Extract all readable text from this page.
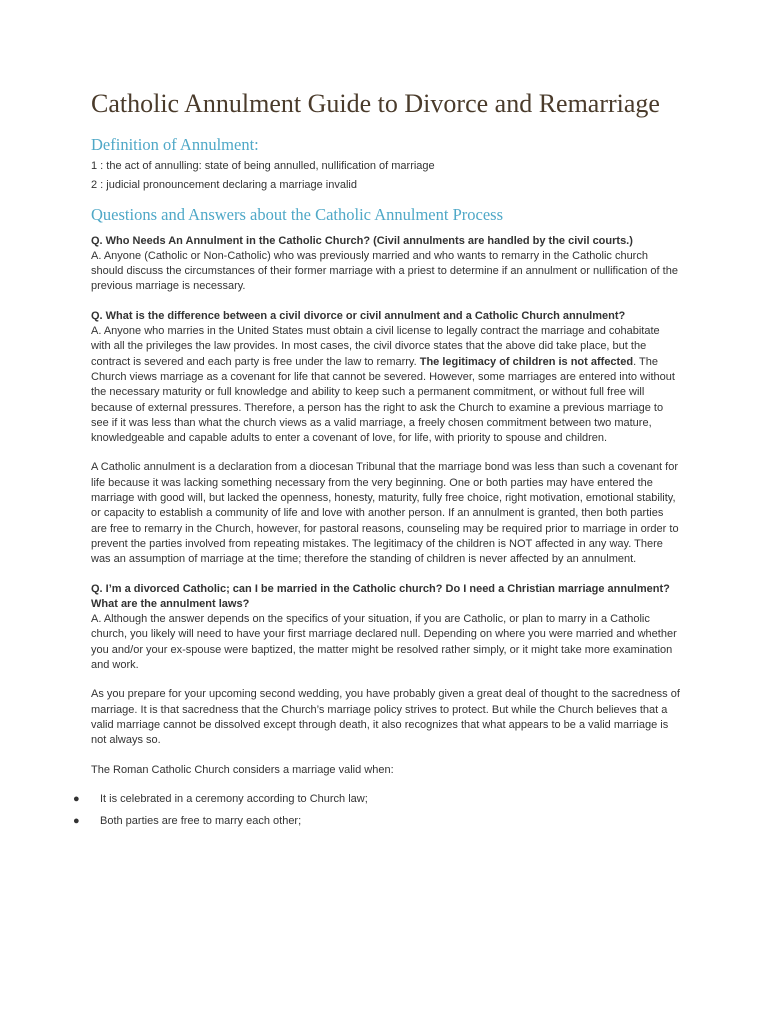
Catholic Annulment Guide to Divorce and Remarriage
Definition of Annulment:

1 : the act of annulling: state of being annulled, nullification of marriage

2 : judicial pronouncement declaring a marriage invalid

Questions and Answers about the Catholic Annulment Process

Q. Who Needs An Annulment in the Catholic Church? (Civil annulments are handled by the civil courts.)

A. Anyone (Catholic or Non-Catholic) who was previously married and who wants to remarry in the Catholic church should discuss the circumstances of their former marriage with a priest to determine if an annulment or nullification of the previous marriage is necessary.

Q. What is the difference between a civil divorce or civil annulment and a Catholic Church annulment?

A. Anyone who marries in the United States must obtain a civil license to legally contract the marriage and cohabitate with all the privileges the law provides. In most cases, the civil divorce states that the above did take place, but the contract is severed and each party is free under the law to remarry. The legitimacy of children is not affected. The Church views marriage as a covenant for life that cannot be severed. However, some marriages are entered into without the necessary maturity or full knowledge and ability to keep such a permanent commitment, or without full free will because of external pressures. Therefore, a person has the right to ask the Church to examine a previous marriage to see if it was less than what the church views as a valid marriage, a freely chosen commitment between two mature, knowledgeable and capable adults to enter a covenant of love, for life, with priority to spouse and children.

A Catholic annulment is a declaration from a diocesan Tribunal that the marriage bond was less than such a covenant for life because it was lacking something necessary from the very beginning. One or both parties may have entered the marriage with good will, but lacked the openness, honesty, maturity, fully free choice, right motivation, emotional stability, or capacity to establish a community of life and love with another person. If an annulment is granted, then both parties are free to remarry in the Church, however, for pastoral reasons, counseling may be required prior to marriage in order to prevent the parties involved from repeating mistakes. The legitimacy of the children is NOT affected in any way. There was an assumption of marriage at the time; therefore the standing of children is never affected by an annulment.

Q. I’m a divorced Catholic; can I be married in the Catholic church? Do I need a Christian marriage annulment? What are the annulment laws?

A. Although the answer depends on the specifics of your situation, if you are Catholic, or plan to marry in a Catholic church, you likely will need to have your first marriage declared null. Depending on where you were married and whether you and/or your ex-spouse were baptized, the matter might be resolved rather simply, or it might take more examination and work.

As you prepare for your upcoming second wedding, you have probably given a great deal of thought to the sacredness of marriage. It is that sacredness that the Church’s marriage policy strives to protect. But while the Church believes that a valid marriage cannot be dissolved except through death, it also recognizes that what appears to be a valid marriage is not always so.

The Roman Catholic Church considers a marriage valid when:

● It is celebrated in a ceremony according to Church law;
● Both parties are free to marry each other;
